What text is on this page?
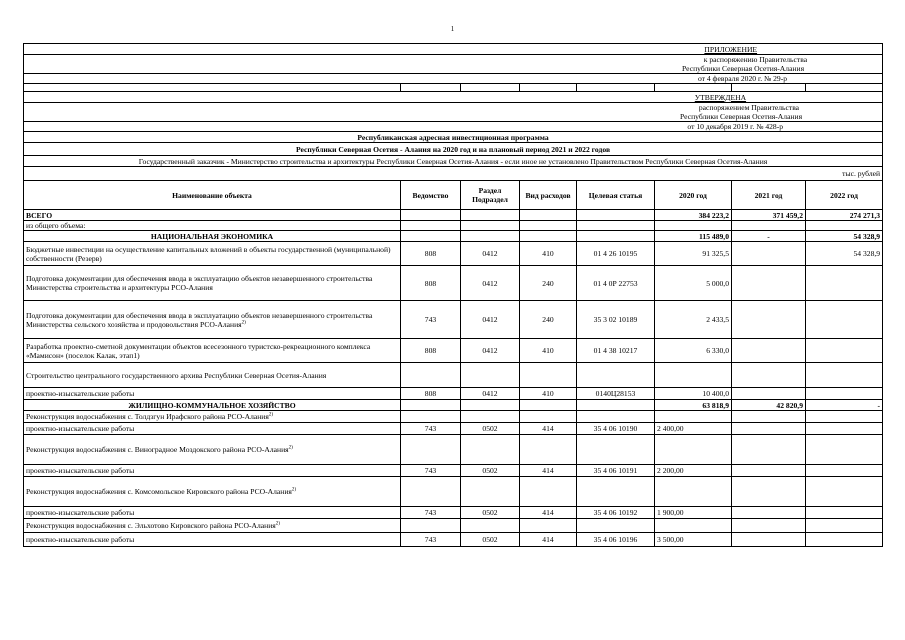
1
ПРИЛОЖЕНИЕ							
к распоряжению Правительства							
Республики Северная Осетия-Алания							
от 4 февраля 2020 г. № 29-р							

УТВЕРЖДЕНА							
распоряжением Правительства							
Республики Северная Осетия-Алания							
от 10 декабря 2019 г. № 428-р							
Республиканская адресная инвестиционная программа							
Республики Северная Осетия - Алания на 2020 год и на плановый период 2021 и 2022 годов							
Государственный заказчик - Министерство строительства и архитектуры Республики Северная Осетия-Алания - если иное не установлено Правительством Республики Северная Осетия-Алания							
тыс. рублей							
Наименование объекта	Ведомство	Раздел Подраздел	Вид расходов	Целевая статья	2020 год	2021 год	2022 год
ВСЕГО					384 223,2	371 459,2	274 271,3
из общего объема:							
НАЦИОНАЛЬНАЯ ЭКОНОМИКА					115 489,0	-	54 328,9
Бюджетные инвестиции на осуществление капитальных вложений в объекты государственной (муниципальной) собственности (Резерв)	808	0412	410	01 4 26 10195	91 325,5		54 328,9
Подготовка документации для обеспечения ввода в эксплуатацию объектов незавершенного строительства Министерства строительства и архитектуры РСО-Алания	808	0412	240	01 4 0Р 22753	5 000,0		
Подготовка документации для обеспечения ввода в эксплуатацию объектов незавершенного строительства Министерства сельского хозяйства и продовольствия РСО-Алания$^{2)}$	743	0412	240	35 3 02 10189	2 433,5		
Разработка проектно-сметной документации объектов всесезонного туристско-рекреационного комплекса «Мамисон» (поселок Калак, этап1)	808	0412	410	01 4 38 10217	6 330,0		
Строительство центрального государственного архива Республики Северная Осетия-Алания							
проектно-изыскательские работы	808	0412	410	0140Ц28153	10 400,0		
ЖИЛИЩНО-КОММУНАЛЬНОЕ ХОЗЯЙСТВО					63 818,9	42 820,9	-
Реконструкция водоснабжения с. Толдзгун Ирафского района РСО-Алания$^{2)}$							
проектно-изыскательские работы	743	0502	414	35 4 06 10190	2 400,00		
Реконструкция водоснабжения с. Виноградное Моздокского района РСО-Алания$^{2)}$							
проектно-изыскательские работы	743	0502	414	35 4 06 10191	2 200,00		
Реконструкция водоснабжения с. Комсомольское Кировского района РСО-Алания$^{2)}$							
проектно-изыскательские работы	743	0502	414	35 4 06 10192	1 900,00		
Реконструкция водоснабжения с. Эльхотово Кировского района РСО-Алания$^{2)}$							
проектно-изыскательские работы	743	0502	414	35 4 06 10196	3 500,00		
